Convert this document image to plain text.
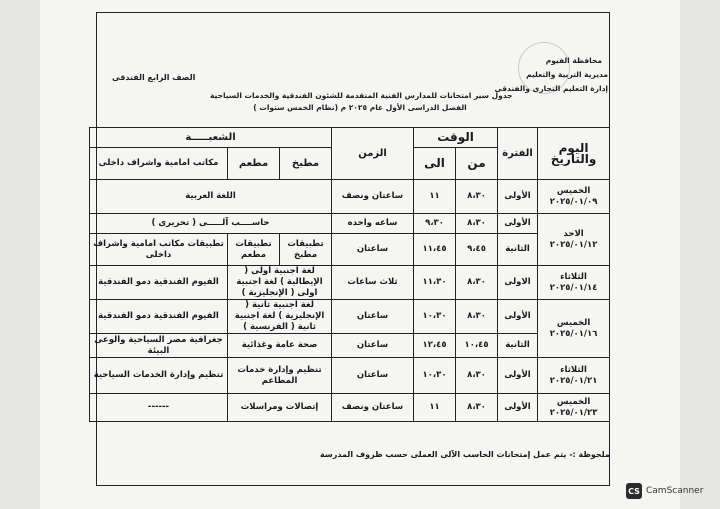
محافظة الفيوم
مديرية التربية والتعليم
إدارة التعليم التجارى والفندقى
الصف الرابع الفندقى
جدول سير امتحانات للمدارس الفنية المتقدمة للشئون الفندقية والخدمات السياحية
( نظام الخمس سنوات) الفصل الدراسى الأول عام ٢٠٢٥ م
اليوم والتاريخ	الفترة	الوقت		الزمن	الشعبـــــة		
		من	الى		مطبخ	مطعم	مكاتب امامية واشراف داخلى

الخميس
٢٠٢٥/٠١/٠٩	الأولى	٨،٣٠	١١	ساعتان ونصف	اللغة العربية		

الاحد
٢٠٢٥/٠١/١٢	الأولى	٨،٣٠	٩،٣٠	ساعه واحده	حاســــب آلـــــى ( تحريرى )		
	الثانية	٩،٤٥	١١،٤٥	ساعتان	تطبيقات مطبخ	تطبيقات مطعم	تطبيقات مكاتب امامية واشراف داخلى

الثلاثاء
٢٠٢٥/٠١/١٤	الاولى	٨،٣٠	١١،٣٠	ثلاث ساعات	لغة اجنبية أولى ( الإيطالية ) لغة اجنبية اولى ( الإنجليزية )		الفيوم الفندقية دمو الفندقية

الخميس
٢٠٢٥/٠١/١٦	الأولى	٨،٣٠	١٠،٣٠	ساعتان	لغة اجنبية ثانية ( الإنجليزية ) لغة اجنبية ثانية ( الفرنسية )		الفيوم الفندقية دمو الفندقية
	الثانية	١٠،٤٥	١٢،٤٥	ساعتان	صحة عامة وغذائية		جغرافية مصر السياحية والوعى البيئة

الثلاثاء
٢٠٢٥/٠١/٢١	الأولى	٨،٣٠	١٠،٣٠	ساعتان	تنظيم وإدارة خدمات المطاعم		تنظيم وإدارة الخدمات السياحية

الخميس
٢٠٢٥/٠١/٢٣	الأولى	٨،٣٠	١١	ساعتان ونصف	إتصالات ومراسلات		------
ملحوظة :- يتم عمل إمتحانات الحاسب الآلى العملى حسب ظروف المدرسة
CS CamScanner
